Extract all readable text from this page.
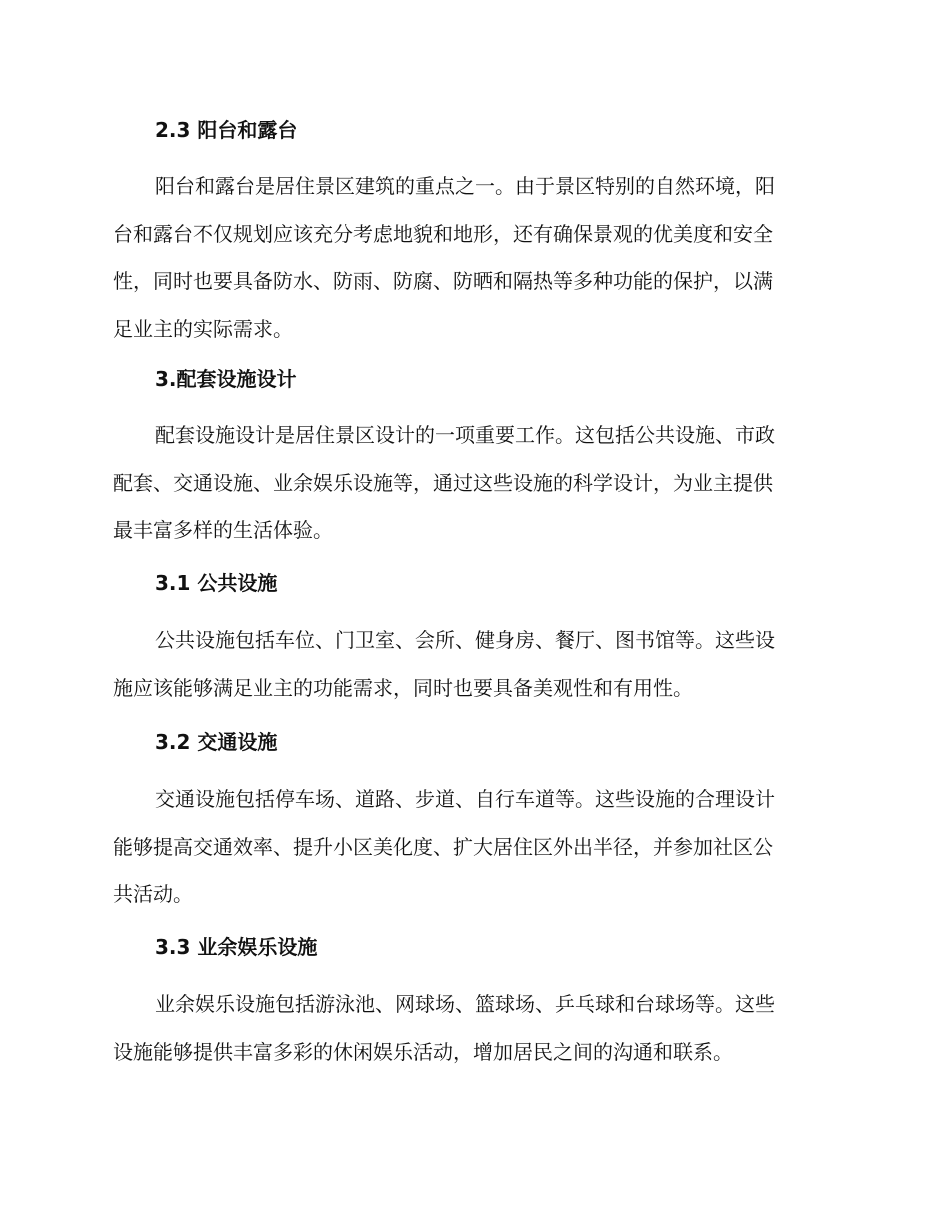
2.3 阳台和露台
阳台和露台是居住景区建筑的重点之一。由于景区特别的自然环境，阳
台和露台不仅规划应该充分考虑地貌和地形，还有确保景观的优美度和安全
性，同时也要具备防水、防雨、防腐、防晒和隔热等多种功能的保护，以满
足业主的实际需求。
3.配套设施设计
配套设施设计是居住景区设计的一项重要工作。这包括公共设施、市政
配套、交通设施、业余娱乐设施等，通过这些设施的科学设计，为业主提供
最丰富多样的生活体验。
3.1 公共设施
公共设施包括车位、门卫室、会所、健身房、餐厅、图书馆等。这些设
施应该能够满足业主的功能需求，同时也要具备美观性和有用性。
3.2 交通设施
交通设施包括停车场、道路、步道、自行车道等。这些设施的合理设计
能够提高交通效率、提升小区美化度、扩大居住区外出半径，并参加社区公
共活动。
3.3 业余娱乐设施
业余娱乐设施包括游泳池、网球场、篮球场、乒乓球和台球场等。这些
设施能够提供丰富多彩的休闲娱乐活动，增加居民之间的沟通和联系。
